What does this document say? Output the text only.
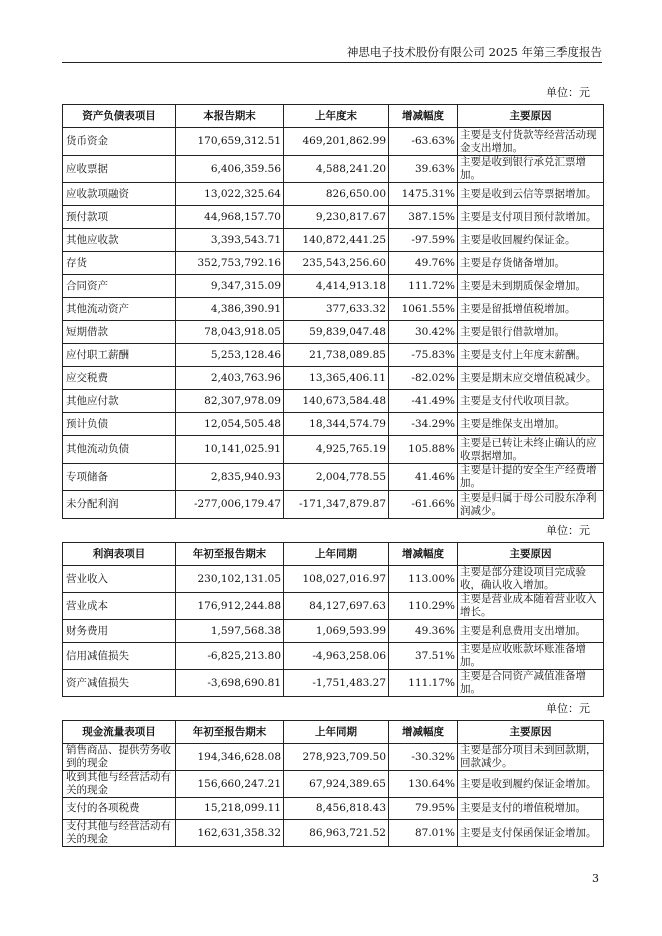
神思电子技术股份有限公司 2025 年第三季度报告
单位：元
资产负债表项目	本报告期末	上年度末	增减幅度	主要原因
货币资金	170,659,312.51	469,201,862.99	-63.63%	主要是支付货款等经营活动现金支出增加。
应收票据	6,406,359.56	4,588,241.20	39.63%	主要是收到银行承兑汇票增加。
应收款项融资	13,022,325.64	826,650.00	1475.31%	主要是收到云信等票据增加。
预付款项	44,968,157.70	9,230,817.67	387.15%	主要是支付项目预付款增加。
其他应收款	3,393,543.71	140,872,441.25	-97.59%	主要是收回履约保证金。
存货	352,753,792.16	235,543,256.60	49.76%	主要是存货储备增加。
合同资产	9,347,315.09	4,414,913.18	111.72%	主要是未到期质保金增加。
其他流动资产	4,386,390.91	377,633.32	1061.55%	主要是留抵增值税增加。
短期借款	78,043,918.05	59,839,047.48	30.42%	主要是银行借款增加。
应付职工薪酬	5,253,128.46	21,738,089.85	-75.83%	主要是支付上年度末薪酬。
应交税费	2,403,763.96	13,365,406.11	-82.02%	主要是期末应交增值税减少。
其他应付款	82,307,978.09	140,673,584.48	-41.49%	主要是支付代收项目款。
预计负债	12,054,505.48	18,344,574.79	-34.29%	主要是维保支出增加。
其他流动负债	10,141,025.91	4,925,765.19	105.88%	主要是已转让未终止确认的应收票据增加。
专项储备	2,835,940.93	2,004,778.55	41.46%	主要是计提的安全生产经费增加。
未分配利润	-277,006,179.47	-171,347,879.87	-61.66%	主要是归属于母公司股东净利润减少。
单位：元
利润表项目	年初至报告期末	上年同期	增减幅度	主要原因
营业收入	230,102,131.05	108,027,016.97	113.00%	主要是部分建设项目完成验收，确认收入增加。
营业成本	176,912,244.88	84,127,697.63	110.29%	主要是营业成本随着营业收入增长。
财务费用	1,597,568.38	1,069,593.99	49.36%	主要是利息费用支出增加。
信用减值损失	-6,825,213.80	-4,963,258.06	37.51%	主要是应收账款坏账准备增加。
资产减值损失	-3,698,690.81	-1,751,483.27	111.17%	主要是合同资产减值准备增加。
单位：元
现金流量表项目	年初至报告期末	上年同期	增减幅度	主要原因
销售商品、提供劳务收到的现金	194,346,628.08	278,923,709.50	-30.32%	主要是部分项目未到回款期，回款减少。
收到其他与经营活动有关的现金	156,660,247.21	67,924,389.65	130.64%	主要是收到履约保证金增加。
支付的各项税费	15,218,099.11	8,456,818.43	79.95%	主要是支付的增值税增加。
支付其他与经营活动有关的现金	162,631,358.32	86,963,721.52	87.01%	主要是支付保函保证金增加。
3
